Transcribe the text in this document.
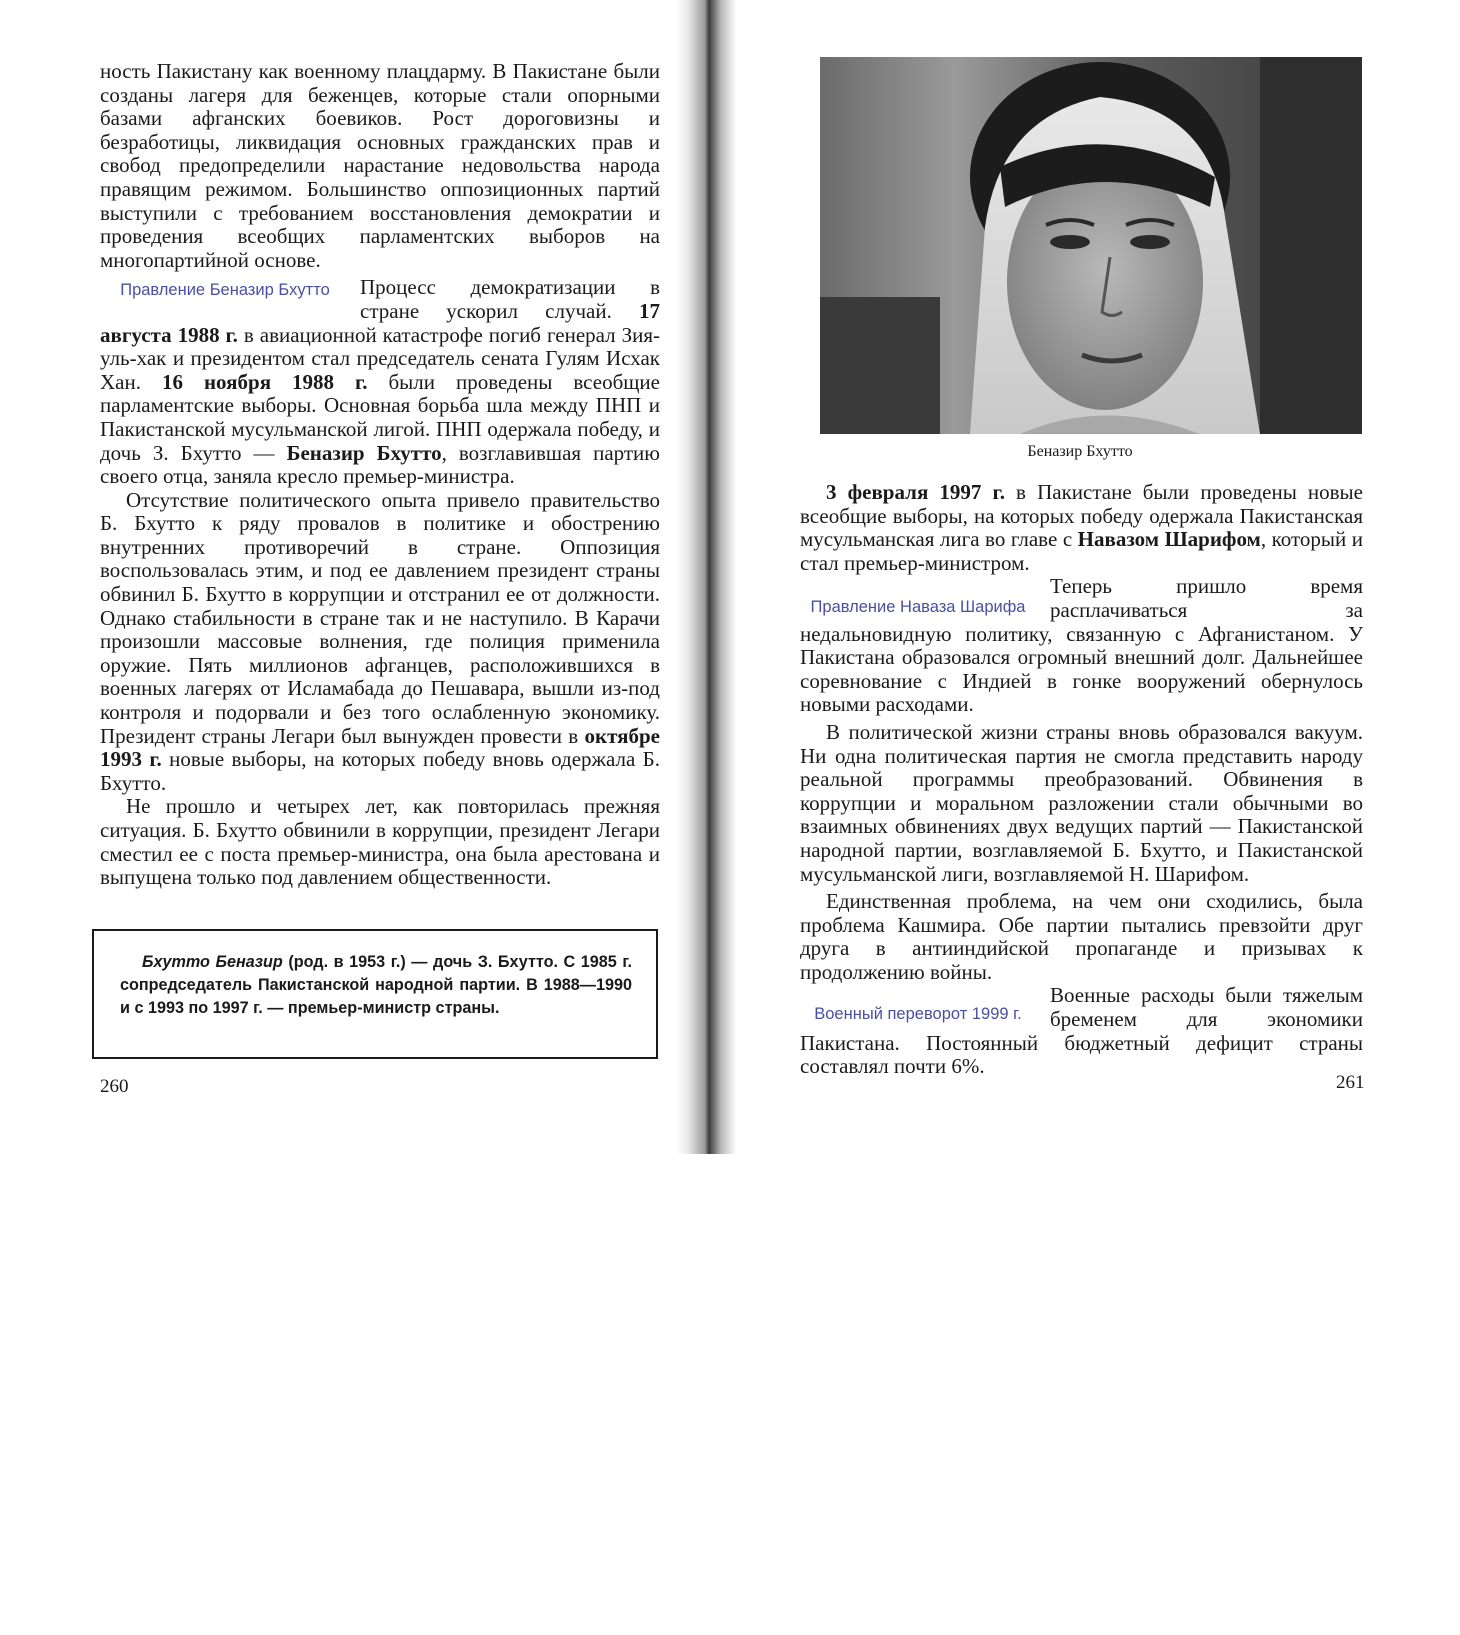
ность Пакистану как военному плацдарму. В Пакистане были созданы лагеря для беженцев, которые стали опорными базами афганских боевиков. Рост дороговизны и безработицы, ликвидация основных гражданских прав и свобод предопределили нарастание недовольства народа правящим режимом. Большинство оппозиционных партий выступили с требованием восстановления демократии и проведения всеобщих парламентских выборов на многопартийной основе.

Правление Беназир Бхутто	Процесс демократизации в стране ускорил случай. 17 августа 1988 г. в авиационной катастрофе погиб генерал Зия-уль-хак и президентом стал председатель сената Гулям Исхак Хан. 16 ноября 1988 г. были проведены всеобщие парламентские выборы. Основная борьба шла между ПНП и Пакистанской мусульманской лигой. ПНП одержала победу, и дочь З. Бхутто — Беназир Бхутто, возглавившая партию своего отца, заняла кресло премьер-министра.

Отсутствие политического опыта привело правительство Б. Бхутто к ряду провалов в политике и обострению внутренних противоречий в стране. Оппозиция воспользовалась этим, и под ее давлением президент страны обвинил Б. Бхутто в коррупции и отстранил ее от должности. Однако стабильности в стране так и не наступило. В Карачи произошли массовые волнения, где полиция применила оружие. Пять миллионов афганцев, расположившихся в военных лагерях от Исламабада до Пешавара, вышли из-под контроля и подорвали и без того ослабленную экономику. Президент страны Легари был вынужден провести в октябре 1993 г. новые выборы, на которых победу вновь одержала Б. Бхутто.

Не прошло и четырех лет, как повторилась прежняя ситуация. Б. Бхутто обвинили в коррупции, президент Легари сместил ее с поста премьер-министра, она была арестована и выпущена только под давлением общественности.

Бхутто Беназир (род. в 1953 г.) — дочь З. Бхутто. С 1985 г. сопредседатель Пакистанской народной партии. В 1988—1990 и с 1993 по 1997 г. — премьер-министр страны.

260
Беназир Бхутто

3 февраля 1997 г. в Пакистане были проведены новые всеобщие выборы, на которых победу одержала Пакистанская мусульманская лига во главе с Навазом Шарифом, который и стал премьер-министром.

Правление Наваза Шарифа

Теперь пришло время расплачиваться за недальновидную политику, связанную с Афганистаном. У Пакистана образовался огромный внешний долг. Дальнейшее соревнование с Индией в гонке вооружений обернулось новыми расходами.

В политической жизни страны вновь образовался вакуум. Ни одна политическая партия не смогла представить народу реальной программы преобразований. Обвинения в коррупции и моральном разложении стали обычными во взаимных обвинениях двух ведущих партий — Пакистанской народной партии, возглавляемой Б. Бхутто, и Пакистанской мусульманской лиги, возглавляемой Н. Шарифом.

Единственная проблема, на чем они сходились, была проблема Кашмира. Обе партии пытались превзойти друг друга в антииндийской пропаганде и призывах к продолжению войны.

Военный переворот 1999 г.

Военные расходы были тяжелым бременем для экономики Пакистана. Постоянный бюджетный дефицит страны составлял почти 6%.

261
